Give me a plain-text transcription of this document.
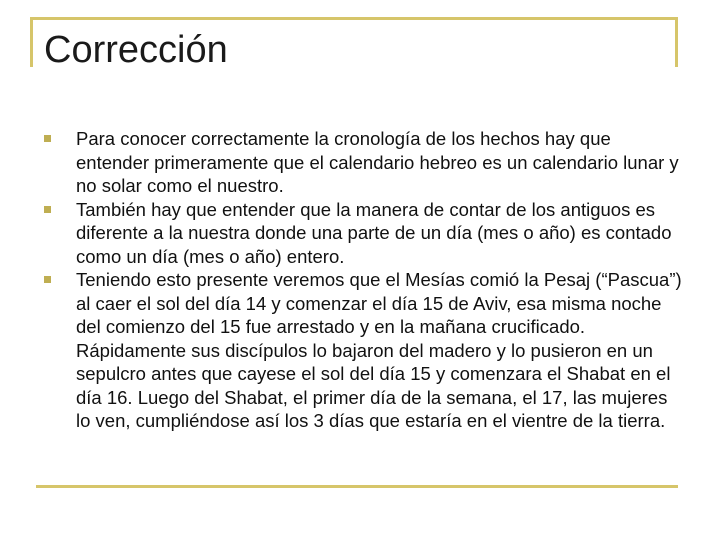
Corrección
Para conocer correctamente la cronología de los hechos hay que entender primeramente que el calendario hebreo es un calendario lunar y no solar como el nuestro.
También hay que entender que la manera de contar de los antiguos es diferente a la nuestra donde una parte de un día (mes o año) es contado como un día (mes o año) entero.
Teniendo esto presente veremos que el Mesías comió la Pesaj (“Pascua”) al caer el sol del día 14 y comenzar el día 15 de Aviv, esa misma noche del comienzo del 15 fue arrestado y en la mañana crucificado. Rápidamente sus discípulos lo bajaron del madero y lo pusieron en un sepulcro antes que cayese el sol del día 15 y comenzara el Shabat en el día 16. Luego del Shabat, el primer día de la semana, el 17, las mujeres lo ven, cumpliéndose así los 3 días que estaría en el vientre de la tierra.
